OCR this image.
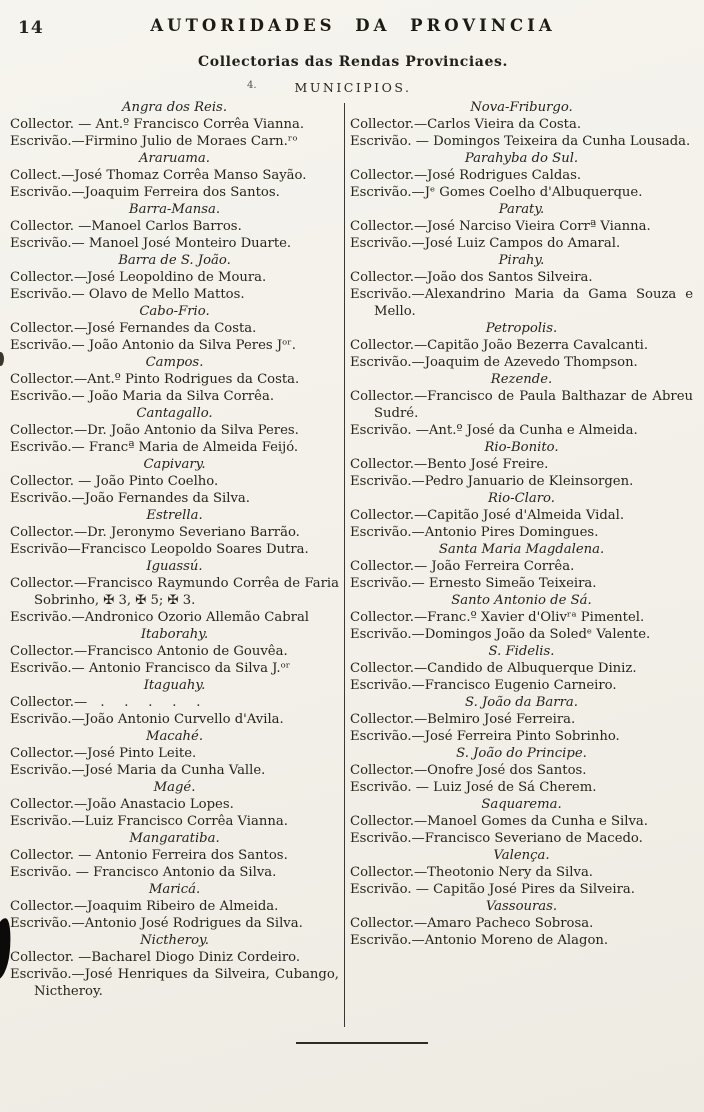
14	AUTORIDADES DA PROVINCIA
Collectorias das Rendas Provinciaes.
4.	MUNICIPIOS.
Angra dos Reis.
Collector. — Ant.º Francisco Corrêa Vianna.
Escrivão.—Firmino Julio de Moraes Carn.ʳᵒ
Araruama.
Collect.—José Thomaz Corrêa Manso Sayão.
Escrivão.—Joaquim Ferreira dos Santos.
Barra-Mansa.
Collector. —Manoel Carlos Barros.
Escrivão.— Manoel José Monteiro Duarte.
Barra de S. João.
Collector.—José Leopoldino de Moura.
Escrivão.— Olavo de Mello Mattos.
Cabo-Frio.
Collector.—José Fernandes da Costa.
Escrivão.— João Antonio da Silva Peres Jᵒʳ.
Campos.
Collector.—Ant.º Pinto Rodrigues da Costa.
Escrivão.— João Maria da Silva Corrêa.
Cantagallo.
Collector.—Dr. João Antonio da Silva Peres.
Escrivão.— Francª Maria de Almeida Feijó.
Capivary.
Collector. — João Pinto Coelho.
Escrivão.—João Fernandes da Silva.
Estrella.
Collector.—Dr. Jeronymo Severiano Barrão.
Escrivão—Francisco Leopoldo Soares Dutra.
Iguassú.
Collector.—Francisco Raymundo Corrêa de Faria Sobrinho, ✠ 3, ✠ 5; ✠ 3.
Escrivão.—Andronico Ozorio Allemão Cabral
Itaborahy.
Collector.—Francisco Antonio de Gouvêa.
Escrivão.— Antonio Francisco da Silva J.ᵒʳ
Itaguahy.
Collector.— .  .  .  .  .
Escrivão.—João Antonio Curvello d'Avila.
Macahé.
Collector.—José Pinto Leite.
Escrivão.—José Maria da Cunha Valle.
Magé.
Collector.—João Anastacio Lopes.
Escrivão.—Luiz Francisco Corrêa Vianna.
Mangaratiba.
Collector. — Antonio Ferreira dos Santos.
Escrivão. — Francisco Antonio da Silva.
Maricá.
Collector.—Joaquim Ribeiro de Almeida.
Escrivão.—Antonio José Rodrigues da Silva.
Nictheroy.
Collector. —Bacharel Diogo Diniz Cordeiro.
Escrivão.—José Henriques da Silveira, Cubango, Nictheroy.
Nova-Friburgo.
Collector.—Carlos Vieira da Costa.
Escrivão. — Domingos Teixeira da Cunha Lousada.
Parahyba do Sul.
Collector.—José Rodrigues Caldas.
Escrivão.—Jᵉ Gomes Coelho d'Albuquerque.
Paraty.
Collector.—José Narciso Vieira Corrª Vianna.
Escrivão.—José Luiz Campos do Amaral.
Pirahy.
Collector.—João dos Santos Silveira.
Escrivão.—Alexandrino Maria da Gama Souza e Mello.
Petropolis.
Collector.—Capitão João Bezerra Cavalcanti.
Escrivão.—Joaquim de Azevedo Thompson.
Rezende.
Collector.—Francisco de Paula Balthazar de Abreu Sudré.
Escrivão. —Ant.º José da Cunha e Almeida.
Rio-Bonito.
Collector.—Bento José Freire.
Escrivão.—Pedro Januario de Kleinsorgen.
Rio-Claro.
Collector.—Capitão José d'Almeida Vidal.
Escrivão.—Antonio Pires Domingues.
Santa Maria Magdalena.
Collector.— João Ferreira Corrêa.
Escrivão.— Ernesto Simeão Teixeira.
Santo Antonio de Sá.
Collector.—Franc.º Xavier d'Olivʳᵃ Pimentel.
Escrivão.—Domingos João da Soledᵉ Valente.
S. Fidelis.
Collector.—Candido de Albuquerque Diniz.
Escrivão.—Francisco Eugenio Carneiro.
S. João da Barra.
Collector.—Belmiro José Ferreira.
Escrivão.—José Ferreira Pinto Sobrinho.
S. João do Principe.
Collector.—Onofre José dos Santos.
Escrivão. — Luiz José de Sá Cherem.
Saquarema.
Collector.—Manoel Gomes da Cunha e Silva.
Escrivão.—Francisco Severiano de Macedo.
Valença.
Collector.—Theotonio Nery da Silva.
Escrivão. — Capitão José Pires da Silveira.
Vassouras.
Collector.—Amaro Pacheco Sobrosa.
Escrivão.—Antonio Moreno de Alagon.
